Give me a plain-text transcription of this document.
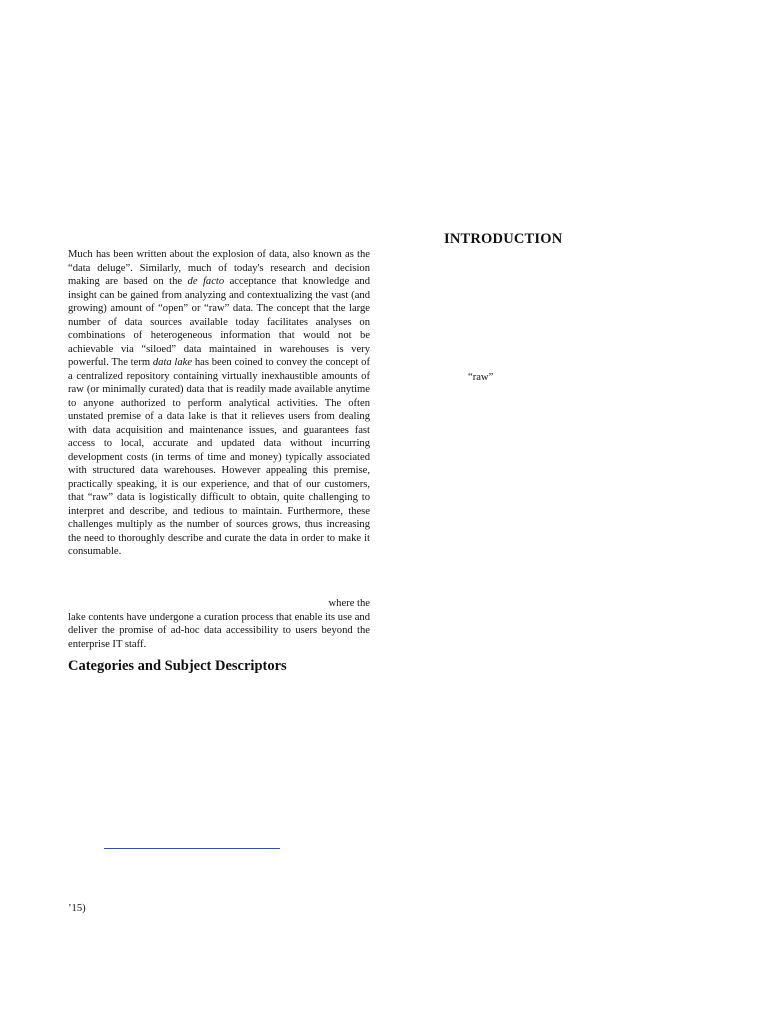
INTRODUCTION

Much has been written about the explosion of data, also known as the “data deluge”. Similarly, much of today's research and decision making are based on the de facto acceptance that knowledge and insight can be gained from analyzing and contextualizing the vast (and growing) amount of “open” or “raw” data. The concept that the large number of data sources available today facilitates analyses on combinations of heterogeneous information that would not be achievable via “siloed” data maintained in warehouses is very powerful. The term data lake has been coined to convey the concept of a centralized repository containing virtually inexhaustible amounts of raw (or minimally curated) data that is readily made available anytime to anyone authorized to perform analytical activities. The often unstated premise of a data lake is that it relieves users from dealing with data acquisition and maintenance issues, and guarantees fast access to local, accurate and updated data without incurring development costs (in terms of time and money) typically associated with structured data warehouses. However appealing this premise, practically speaking, it is our experience, and that of our customers, that “raw” data is logistically difficult to obtain, quite challenging to interpret and describe, and tedious to maintain. Furthermore, these challenges multiply as the number of sources grows, thus increasing the need to thoroughly describe and curate the data in order to make it consumable.

where the
lake contents have undergone a curation process that enable its use and deliver the promise of ad-hoc data accessibility to users beyond the enterprise IT staff.

Categories and Subject Descriptors
“raw”
’15)
